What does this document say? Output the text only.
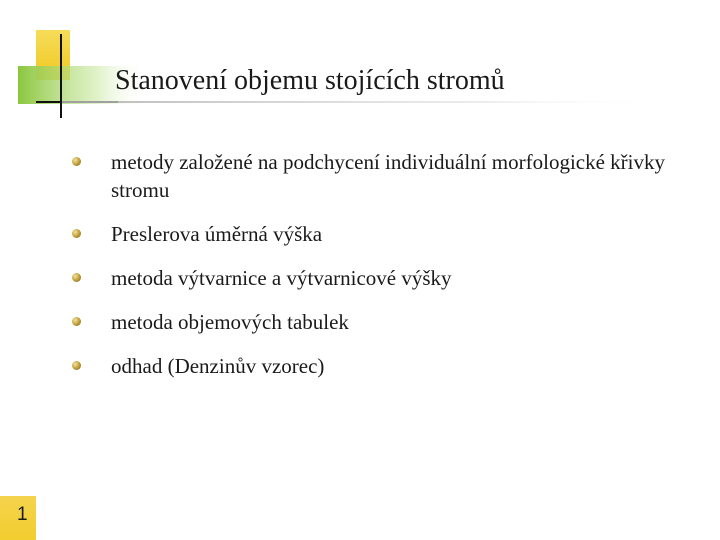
Stanovení objemu stojících stromů
metody založené na podchycení individuální morfologické křivky stromu
Preslerova úměrná výška
metoda výtvarnice a výtvarnicové výšky
metoda objemových tabulek
odhad (Denzinův vzorec)
1
